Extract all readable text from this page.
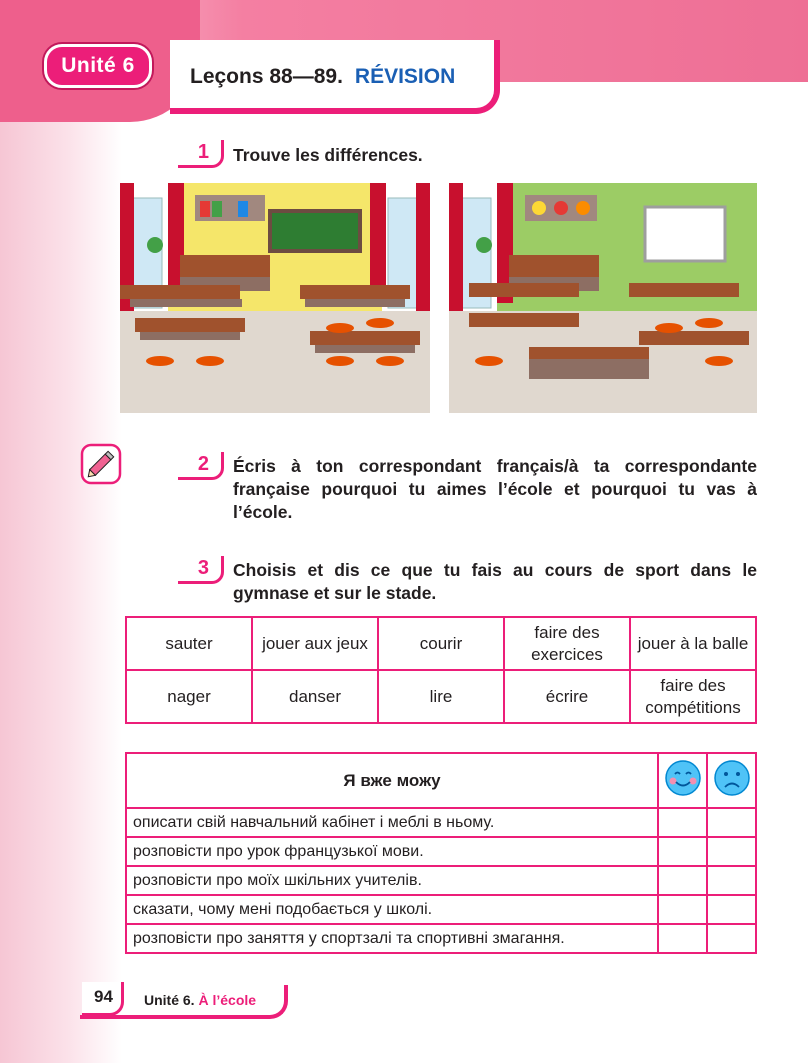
Unité 6	Leçons 88—89. RÉVISION
1	Trouve les différences.
2	Écris à ton correspondant français/à ta correspondante française pourquoi tu aimes l’école et pourquoi tu vas à l’école.
3	Choisis et dis ce que tu fais au cours de sport dans le gymnase et sur le stade.
sauter	jouer aux jeux	courir	faire des exercices	jouer à la balle
nager	danser	lire	écrire	faire des compétitions
Я вже можу		
описати свій навчальний кабінет і меблі в ньому.		
розповісти про урок французької мови.		
розповісти про моїх шкільних учителів.		
сказати, чому мені подобається у школі.		
розповісти про заняття у спортзалі та спортивні змагання.		
94 Unité 6. À l’école
